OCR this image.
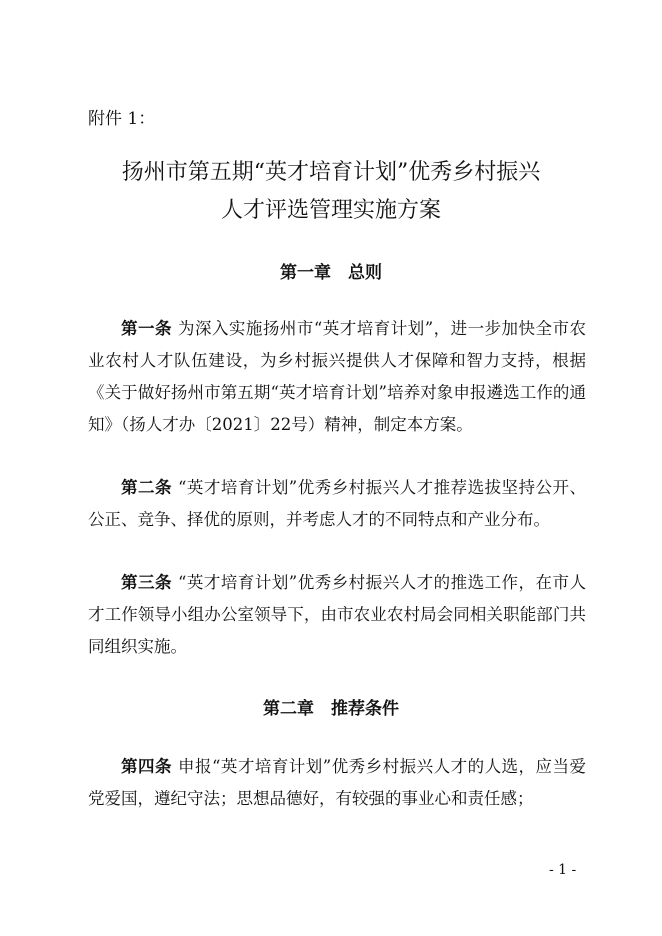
附件 1：
扬州市第五期“英才培育计划”优秀乡村振兴
人才评选管理实施方案
第一章　总则

第一条 为深入实施扬州市“英才培育计划”，进一步加快全市农业农村人才队伍建设，为乡村振兴提供人才保障和智力支持，根据《关于做好扬州市第五期“英才培育计划”培养对象申报遴选工作的通知》（扬人才办〔2021〕22号）精神，制定本方案。

第二条 “英才培育计划”优秀乡村振兴人才推荐选拔坚持公开、公正、竞争、择优的原则，并考虑人才的不同特点和产业分布。

第三条 “英才培育计划”优秀乡村振兴人才的推选工作，在市人才工作领导小组办公室领导下，由市农业农村局会同相关职能部门共同组织实施。

第二章　推荐条件

第四条 申报“英才培育计划”优秀乡村振兴人才的人选，应当爱党爱国，遵纪守法；思想品德好，有较强的事业心和责任感；

- 1 -
